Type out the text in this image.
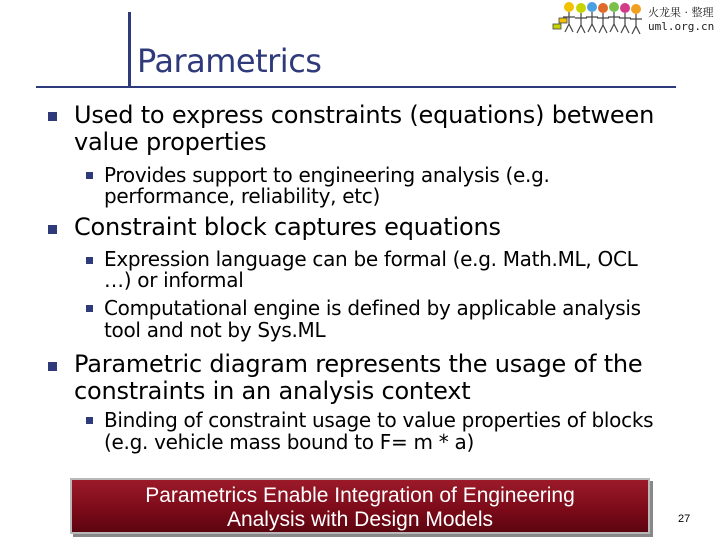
火龙果 · 整理
uml.org.cn
Parametrics
Used to express constraints (equations) between
value properties
Provides support to engineering analysis (e.g.
performance, reliability, etc)
Constraint block captures equations
Expression language can be formal (e.g. Math.ML, OCL
…) or informal
Computational engine is defined by applicable analysis
tool and not by Sys.ML
Parametric diagram represents the usage of the
constraints in an analysis context
Binding of constraint usage to value properties of blocks
(e.g. vehicle mass bound to F= m * a)
Parametrics Enable Integration of Engineering
Analysis with Design Models	27
